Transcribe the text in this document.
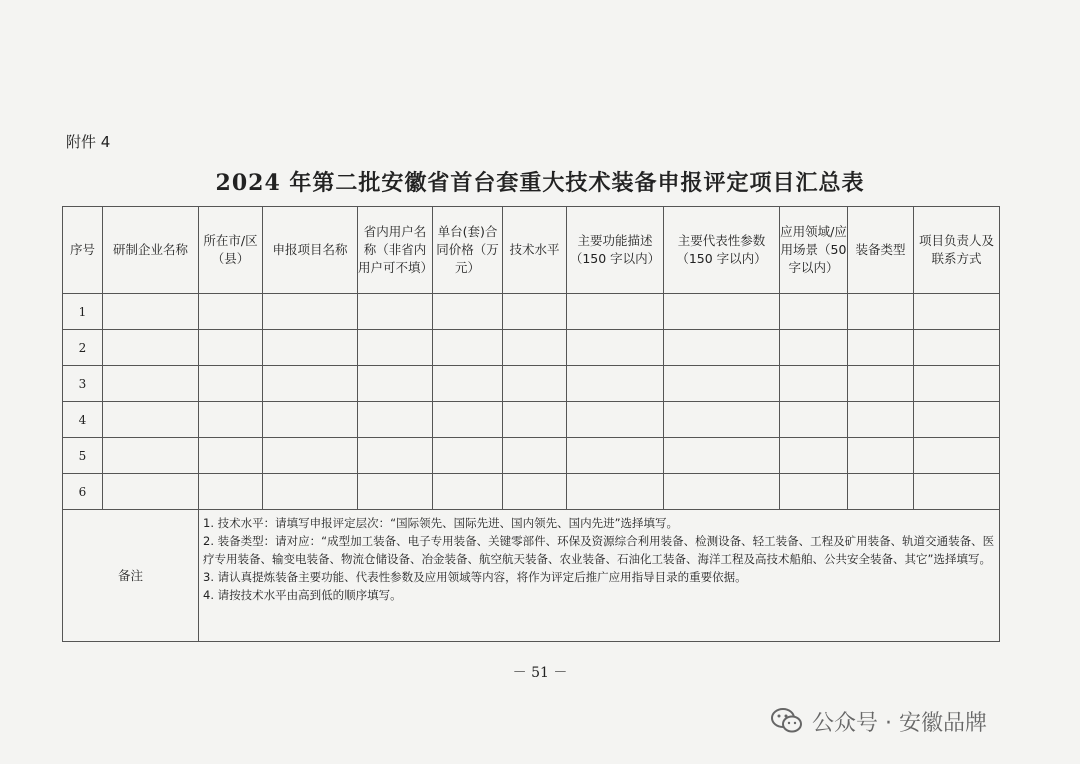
附件 4
2024 年第二批安徽省首台套重大技术装备申报评定项目汇总表
序号	研制企业名称	所在市/区（县）	申报项目名称	省内用户名称（非省内用户可不填）	单台(套)合同价格（万元）	技术水平	主要功能描述（150 字以内）	主要代表性参数（150 字以内）	应用领域/应用场景（50 字以内）	装备类型	项目负责人及联系方式
1											
2											
3											
4											
5											
6											
备注		1. 技术水平：请填写申报评定层次：“国际领先、国际先进、国内领先、国内先进”选择填写。
2. 装备类型：请对应：“成型加工装备、电子专用装备、关键零部件、环保及资源综合利用装备、检测设备、轻工装备、工程及矿用装备、轨道交通装备、医疗专用装备、输变电装备、物流仓储设备、冶金装备、航空航天装备、农业装备、石油化工装备、海洋工程及高技术船舶、公共安全装备、其它”选择填写。
3. 请认真提炼装备主要功能、代表性参数及应用领域等内容，将作为评定后推广应用指导目录的重要依据。
4. 请按技术水平由高到低的顺序填写。									
－ 51 －
公众号 · 安徽品牌
